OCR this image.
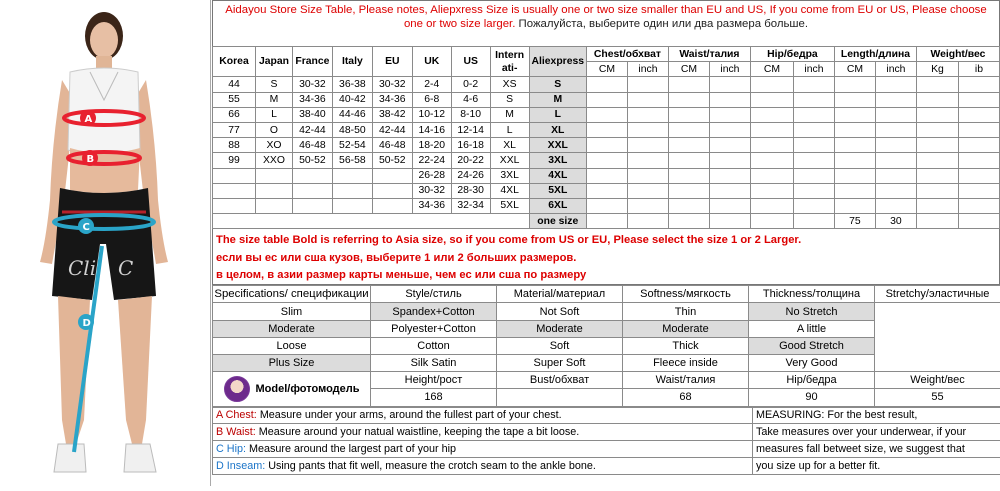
Cli C
A
B
C
D
Aidayou Store Size Table, Please notes, Aliepxress Size is usually one or two size smaller than EU and US, If you come from EU or US, Please choose one or two size larger. Пожалуйста, выберите один или два размера больше.
Korea	Japan	France	Italy	EU	UK	US	Intern ati-	Aliexpress	Chest/обхват		Waist/талия		Hip/бедра		Length/длина		Weight/вес	
									CM	inch	CM	inch	CM	inch	CM	inch	Kg	ib
44	S	30-32	36-38	30-32	2-4	0-2	XS	S										
55	M	34-36	40-42	34-36	6-8	4-6	S	M										
66	L	38-40	44-46	38-42	10-12	8-10	M	L										
77	O	42-44	48-50	42-44	14-16	12-14	L	XL										
88	XO	46-48	52-54	46-48	18-20	16-18	XL	XXL										
99	XXO	50-52	56-58	50-52	22-24	20-22	XXL	3XL										
					26-28	24-26	3XL	4XL										
					30-32	28-30	4XL	5XL										
					34-36	32-34	5XL	6XL										
								one size							75	30		
The size table Bold is referring to Asia size, so if you come from US or EU, Please select the size 1 or 2 Larger.
если вы ес или сша кузов, выберите 1 или 2 больших размеров.
в целом, в азии размер карты меньше, чем ес или сша по размеру
Specifications/ спецификации	Style/стиль	Material/материал	Softness/мягкость	Thickness/толщина	Stretchy/эластичные
Slim	Spandex+Cotton	Not Soft	Thin	No Stretch	
Moderate	Polyester+Cotton	Moderate	Moderate	A little	
Loose	Cotton	Soft	Thick	Good Stretch	
Plus Size	Silk Satin	Super Soft	Fleece inside	Very Good	
Model/фотомодель	Height/рост	Bust/обхват	Waist/талия	Hip/бедра	Weight/вес
	168		68	90	55
A Chest: Measure under your arms, around the fullest part of your chest.	MEASURING: For the best result,
B Waist: Measure around your natual waistline, keeping the tape a bit loose.	Take measures over your underwear, if your
C Hip: Measure around the largest part of your hip	measures fall betweet size, we suggest that
D Inseam: Using pants that fit well, measure the crotch seam to the ankle bone.	you size up for a better fit.
